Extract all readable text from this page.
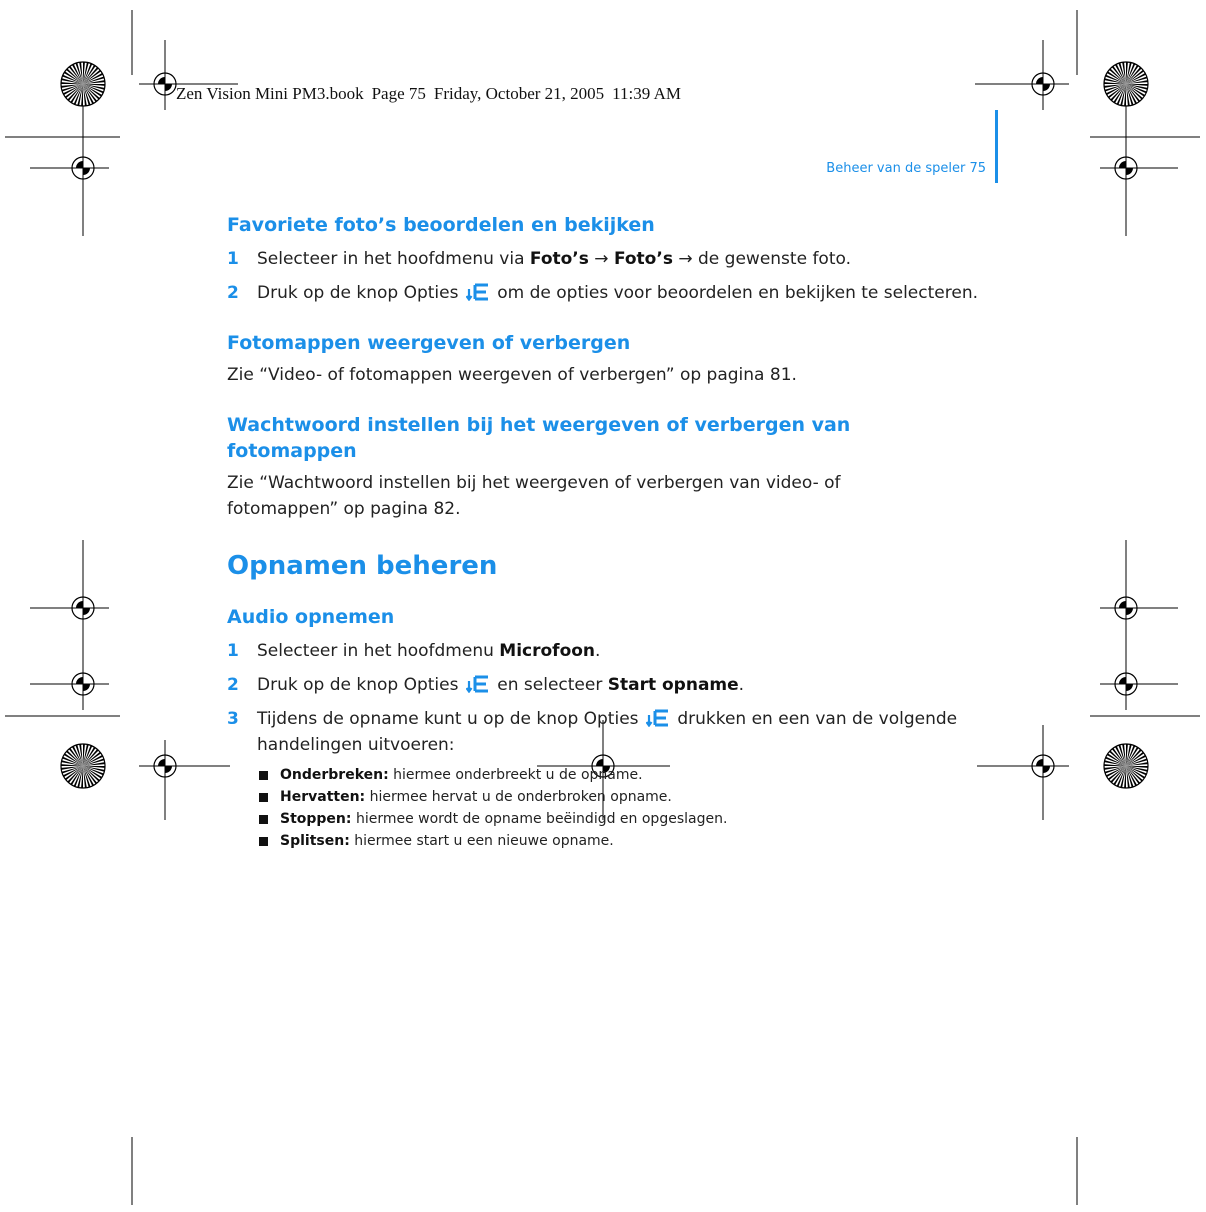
Zen Vision Mini PM3.book Page 75 Friday, October 21, 2005 11:39 AM
Beheer van de speler 75
Favoriete foto’s beoordelen en bekijken
1 Selecteer in het hoofdmenu via Foto’s → Foto’s → de gewenste foto.
2 Druk op de knop Opties  om de opties voor beoordelen en bekijken te selecteren.
Fotomappen weergeven of verbergen

Zie “Video- of fotomappen weergeven of verbergen” op pagina 81.

Wachtwoord instellen bij het weergeven of verbergen van fotomappen

Zie “Wachtwoord instellen bij het weergeven of verbergen van video- of fotomappen” op pagina 82.

Opnamen beheren
Audio opnemen
1 Selecteer in het hoofdmenu Microfoon.
2 Druk op de knop Opties  en selecteer Start opname.
3 Tijdens de opname kunt u op de knop Opties  drukken en een van de volgende handelingen uitvoeren:
Onderbreken: hiermee onderbreekt u de opname.
Hervatten: hiermee hervat u de onderbroken opname.
Stoppen: hiermee wordt de opname beëindigd en opgeslagen.
Splitsen: hiermee start u een nieuwe opname.
